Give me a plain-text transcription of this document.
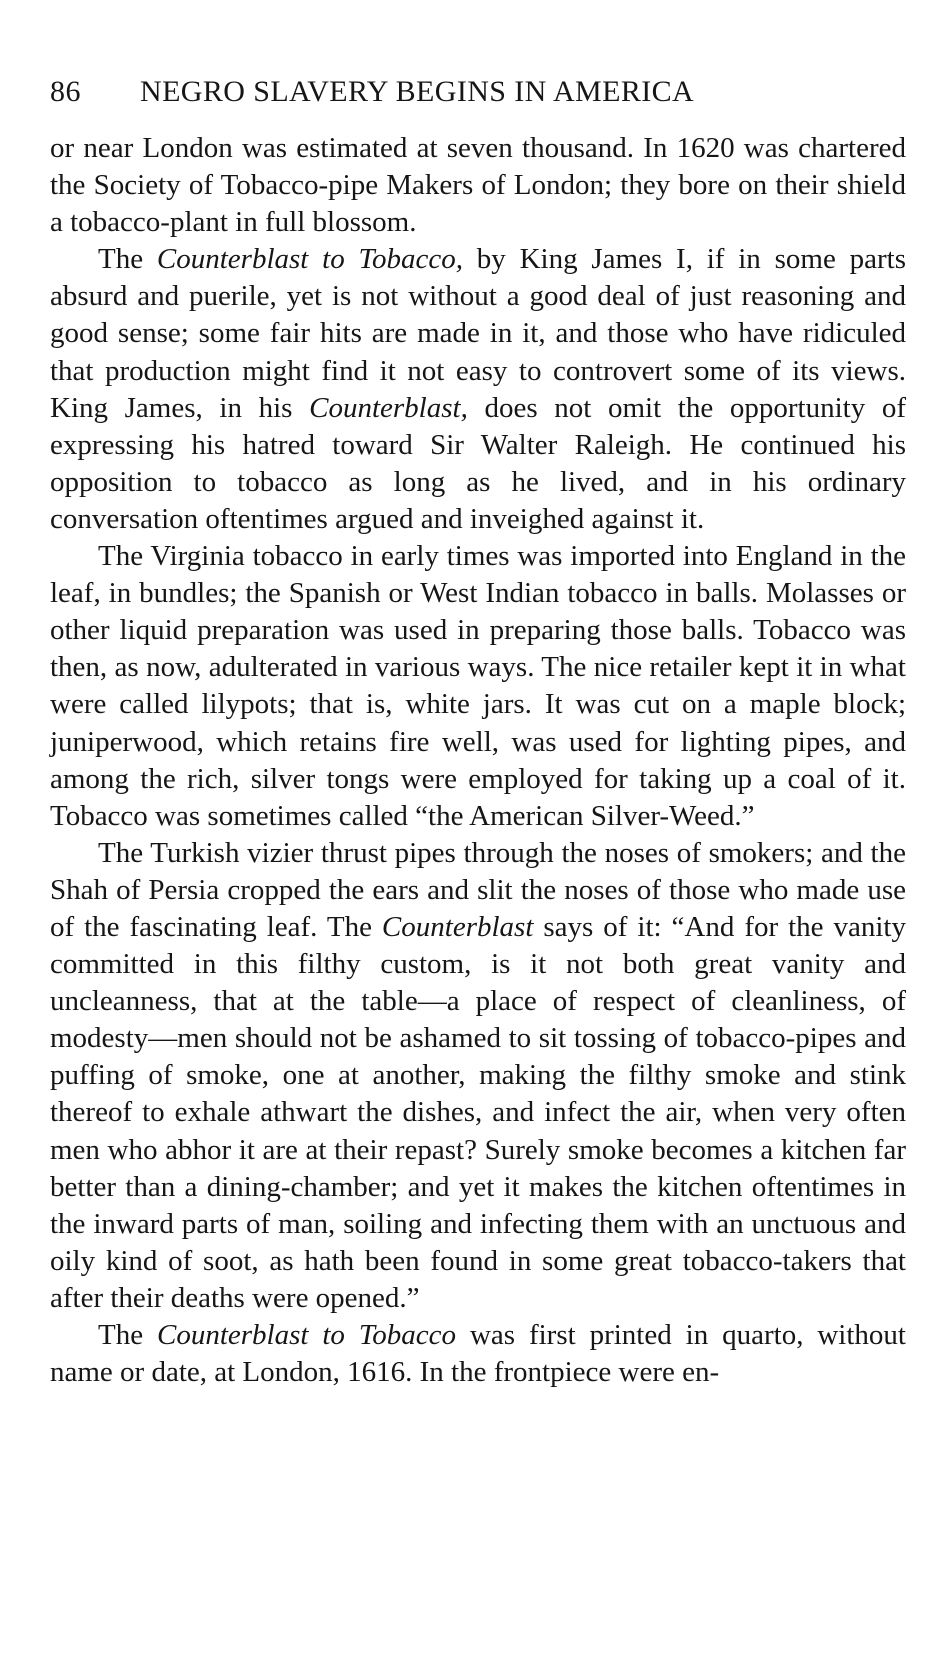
86	NEGRO SLAVERY BEGINS IN AMERICA

or near London was estimated at seven thousand. In 1620 was chartered the Society of Tobacco-pipe Makers of London; they bore on their shield a tobacco-plant in full blossom.

The Counterblast to Tobacco, by King James I, if in some parts absurd and puerile, yet is not without a good deal of just reasoning and good sense; some fair hits are made in it, and those who have ridiculed that production might find it not easy to controvert some of its views. King James, in his Counterblast, does not omit the opportunity of expressing his hatred toward Sir Walter Raleigh. He continued his opposition to tobacco as long as he lived, and in his ordinary conversation oftentimes argued and inveighed against it.

The Virginia tobacco in early times was imported into England in the leaf, in bundles; the Spanish or West Indian tobacco in balls. Molasses or other liquid preparation was used in preparing those balls. Tobacco was then, as now, adulterated in various ways. The nice retailer kept it in what were called lilypots; that is, white jars. It was cut on a maple block; juniperwood, which retains fire well, was used for lighting pipes, and among the rich, silver tongs were employed for taking up a coal of it. Tobacco was sometimes called “the American Silver-Weed.”

The Turkish vizier thrust pipes through the noses of smokers; and the Shah of Persia cropped the ears and slit the noses of those who made use of the fascinating leaf. The Counterblast says of it: “And for the vanity committed in this filthy custom, is it not both great vanity and uncleanness, that at the table—a place of respect of cleanliness, of modesty—men should not be ashamed to sit tossing of tobacco-pipes and puffing of smoke, one at another, making the filthy smoke and stink thereof to exhale athwart the dishes, and infect the air, when very often men who abhor it are at their repast? Surely smoke becomes a kitchen far better than a dining-chamber; and yet it makes the kitchen oftentimes in the inward parts of man, soiling and infecting them with an unctuous and oily kind of soot, as hath been found in some great tobacco-takers that after their deaths were opened.”

The Counterblast to Tobacco was first printed in quarto, without name or date, at London, 1616. In the frontpiece were en-
